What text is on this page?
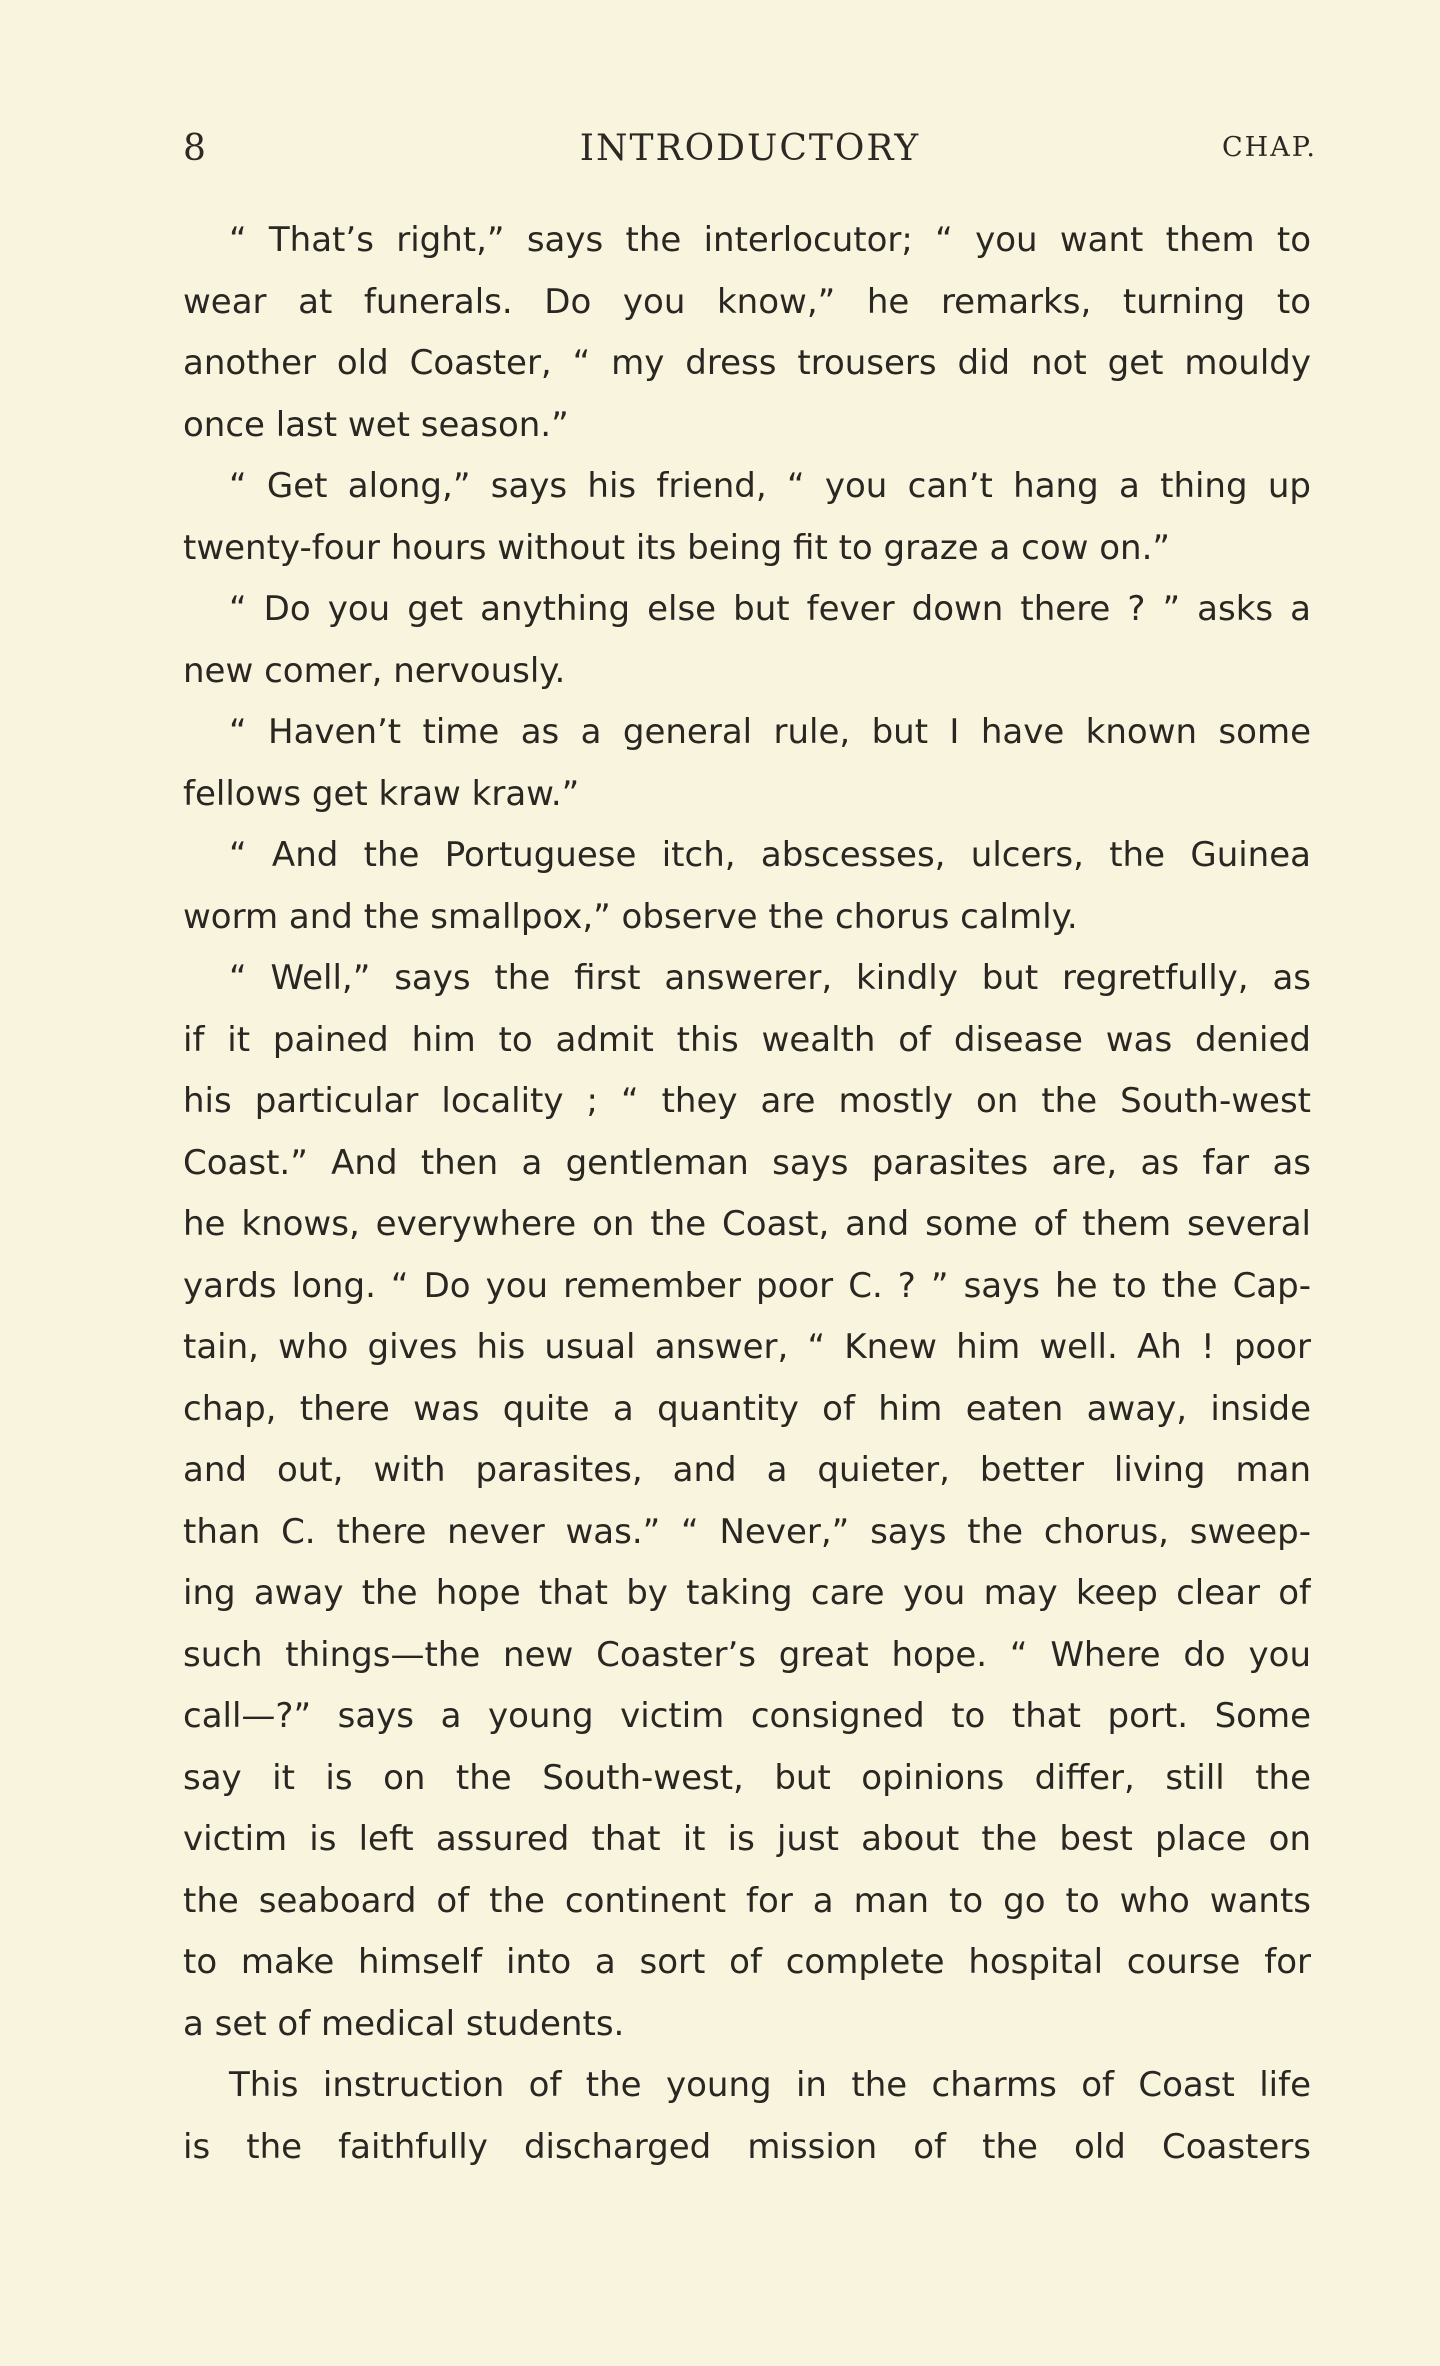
8	INTRODUCTORY	CHAP.
“ That’s right,” says the interlocutor; “ you want them to
wear at funerals. Do you know,” he remarks, turning to
another old Coaster, “ my dress trousers did not get mouldy
once last wet season.”
“ Get along,” says his friend, “ you can’t hang a thing up
twenty-four hours without its being fit to graze a cow on.”
“ Do you get anything else but fever down there ? ” asks a
new comer, nervously.
“ Haven’t time as a general rule, but I have known some
fellows get kraw kraw.”
“ And the Portuguese itch, abscesses, ulcers, the Guinea
worm and the smallpox,” observe the chorus calmly.
“ Well,” says the first answerer, kindly but regretfully, as
if it pained him to admit this wealth of disease was denied
his particular locality ; “ they are mostly on the South-west
Coast.” And then a gentleman says parasites are, as far as
he knows, everywhere on the Coast, and some of them several
yards long. “ Do you remember poor C. ? ” says he to the Cap-
tain, who gives his usual answer, “ Knew him well. Ah ! poor
chap, there was quite a quantity of him eaten away, inside
and out, with parasites, and a quieter, better living man
than C. there never was.” “ Never,” says the chorus, sweep-
ing away the hope that by taking care you may keep clear of
such things—the new Coaster’s great hope. “ Where do you
call—?” says a young victim consigned to that port. Some
say it is on the South-west, but opinions differ, still the
victim is left assured that it is just about the best place on
the seaboard of the continent for a man to go to who wants
to make himself into a sort of complete hospital course for
a set of medical students.
This instruction of the young in the charms of Coast life
is the faithfully discharged mission of the old Coasters
